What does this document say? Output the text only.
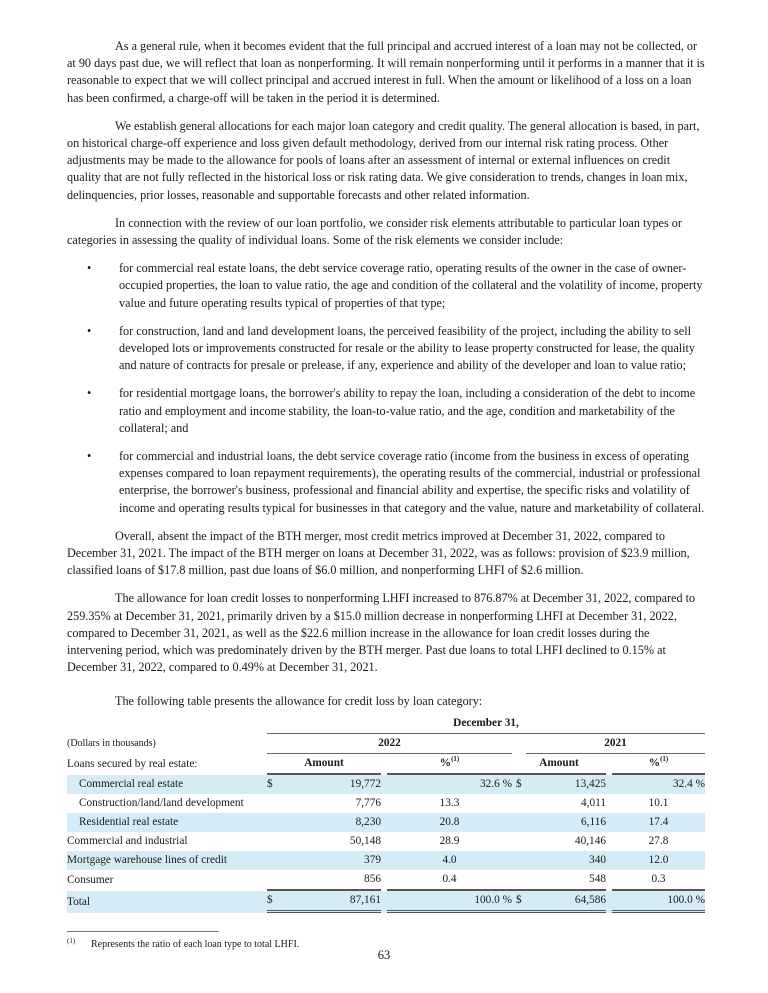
As a general rule, when it becomes evident that the full principal and accrued interest of a loan may not be collected, or at 90 days past due, we will reflect that loan as nonperforming. It will remain nonperforming until it performs in a manner that it is reasonable to expect that we will collect principal and accrued interest in full. When the amount or likelihood of a loss on a loan has been confirmed, a charge-off will be taken in the period it is determined.

We establish general allocations for each major loan category and credit quality. The general allocation is based, in part, on historical charge-off experience and loss given default methodology, derived from our internal risk rating process. Other adjustments may be made to the allowance for pools of loans after an assessment of internal or external influences on credit quality that are not fully reflected in the historical loss or risk rating data. We give consideration to trends, changes in loan mix, delinquencies, prior losses, reasonable and supportable forecasts and other related information.

In connection with the review of our loan portfolio, we consider risk elements attributable to particular loan types or categories in assessing the quality of individual loans. Some of the risk elements we consider include:

• for commercial real estate loans, the debt service coverage ratio, operating results of the owner in the case of owner-occupied properties, the loan to value ratio, the age and condition of the collateral and the volatility of income, property value and future operating results typical of properties of that type;
• for construction, land and land development loans, the perceived feasibility of the project, including the ability to sell developed lots or improvements constructed for resale or the ability to lease property constructed for lease, the quality and nature of contracts for presale or prelease, if any, experience and ability of the developer and loan to value ratio;
• for residential mortgage loans, the borrower's ability to repay the loan, including a consideration of the debt to income ratio and employment and income stability, the loan-to-value ratio, and the age, condition and marketability of the collateral; and
• for commercial and industrial loans, the debt service coverage ratio (income from the business in excess of operating expenses compared to loan repayment requirements), the operating results of the commercial, industrial or professional enterprise, the borrower's business, professional and financial ability and expertise, the specific risks and volatility of income and operating results typical for businesses in that category and the value, nature and marketability of collateral.

Overall, absent the impact of the BTH merger, most credit metrics improved at December 31, 2022, compared to December 31, 2021. The impact of the BTH merger on loans at December 31, 2022, was as follows: provision of $23.9 million, classified loans of $17.8 million, past due loans of $6.0 million, and nonperforming LHFI of $2.6 million.

The allowance for loan credit losses to nonperforming LHFI increased to 876.87% at December 31, 2022, compared to 259.35% at December 31, 2021, primarily driven by a $15.0 million decrease in nonperforming LHFI at December 31, 2022, compared to December 31, 2021, as well as the $22.6 million increase in the allowance for loan credit losses during the intervening period, which was predominately driven by the BTH merger. Past due loans to total LHFI declined to 0.15% at December 31, 2022, compared to 0.49% at December 31, 2021.

The following table presents the allowance for credit loss by loan category:

	December 31,							
(Dollars in thousands)	2022					2021		
Loans secured by real estate:	Amount			%$^{(1)}$	Amount			%$^{(1)}$
Commercial real estate	$	19,772		32.6 %	$	13,425		32.4 %
Construction/land/land development		7,776		13.3		4,011		10.1
Residential real estate		8,230		20.8		6,116		17.4
Commercial and industrial		50,148		28.9		40,146		27.8
Mortgage warehouse lines of credit		379		4.0		340		12.0
Consumer		856		0.4		548		0.3
Total	$	87,161		100.0 %	$	64,586		100.0 %
(1)	Represents the ratio of each loan type to total LHFI.
63
